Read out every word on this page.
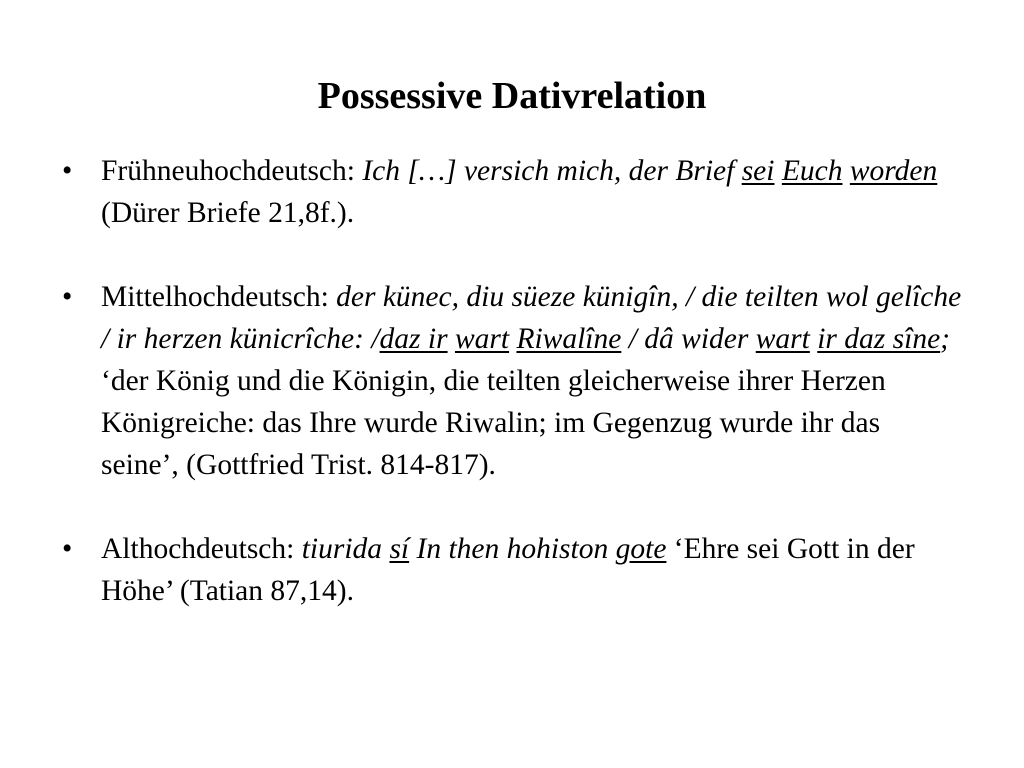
Possessive Dativrelation
• Frühneuhochdeutsch: Ich […] versich mich, der Brief sei Euch worden (Dürer Briefe 21,8f.).
• Mittelhochdeutsch: der künec, diu süeze künigîn, / die teilten wol gelîche / ir herzen künicrîche: /daz ir wart Riwalîne / dâ wider wart ir daz sîne; ‘der König und die Königin, die teilten gleicherweise ihrer Herzen Königreiche: das Ihre wurde Riwalin; im Gegenzug wurde ihr das seine’, (Gottfried Trist. 814-817).
• Althochdeutsch: tiurida sí In then hohiston gote ‘Ehre sei Gott in der Höhe’ (Tatian 87,14).
